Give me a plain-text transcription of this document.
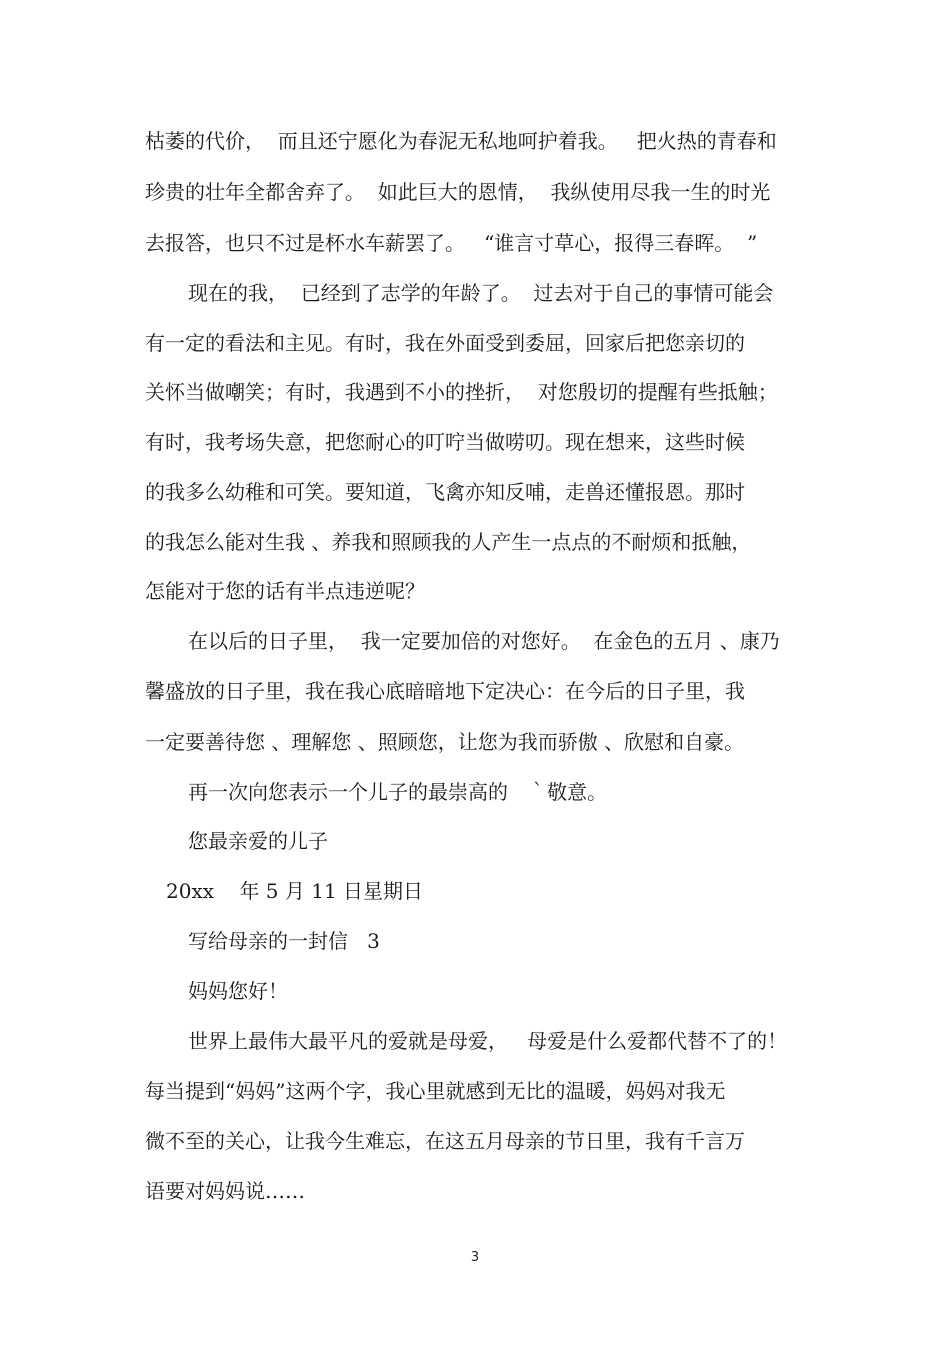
枯萎的代价，  而且还宁愿化为春泥无私地呵护着我。   把火热的青春和
珍贵的壮年全都舍弃了。  如此巨大的恩情，  我纵使用尽我一生的时光
去报答，也只不过是杯水车薪罢了。   “谁言寸草心，报得三春晖。  ”
现在的我，  已经到了志学的年龄了。  过去对于自己的事情可能会
有一定的看法和主见。有时，我在外面受到委屈，回家后把您亲切的
关怀当做嘲笑；有时，我遇到不小的挫折，  对您殷切的提醒有些抵触；
有时，我考场失意，把您耐心的叮咛当做唠叨。现在想来，这些时候
的我多么幼稚和可笑。要知道，飞禽亦知反哺，走兽还懂报恩。那时
的我怎么能对生我 、养我和照顾我的人产生一点点的不耐烦和抵触，
怎能对于您的话有半点违逆呢？
在以后的日子里，  我一定要加倍的对您好。  在金色的五月 、康乃
馨盛放的日子里，我在我心底暗暗地下定决心：在今后的日子里，我
一定要善待您 、理解您 、照顾您，让您为我而骄傲 、欣慰和自豪。
再一次向您表示一个儿子的最崇高的   ｀敬意。
您最亲爱的儿子
20xx    年 5 月 11 日星期日
写给母亲的一封信   3
妈妈您好！
世界上最伟大最平凡的爱就是母爱，   母爱是什么爱都代替不了的！
每当提到“妈妈”这两个字，我心里就感到无比的温暖，妈妈对我无
微不至的关心，让我今生难忘，在这五月母亲的节日里，我有千言万
语要对妈妈说……
3
